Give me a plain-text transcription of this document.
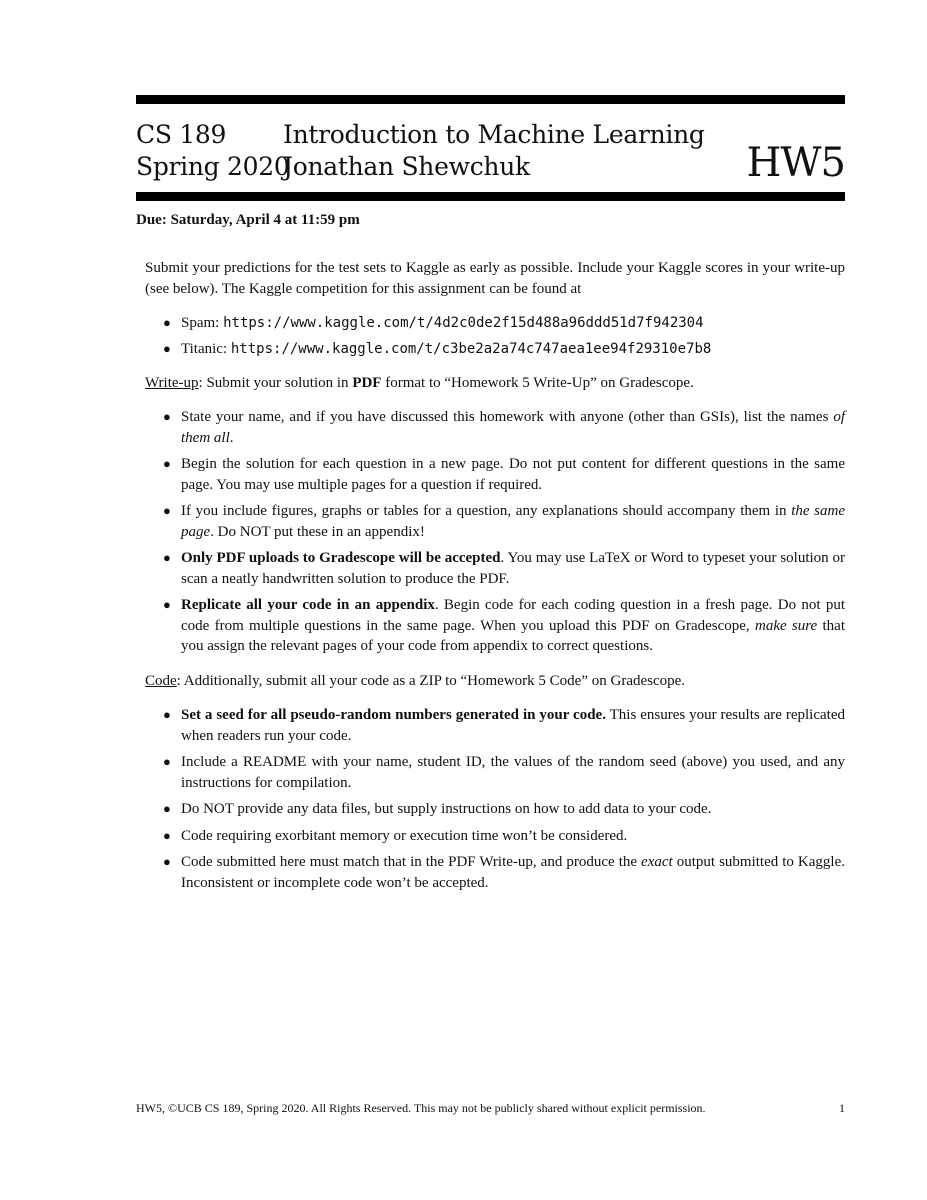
CS 189
Spring 2020
Introduction to Machine Learning
Jonathan Shewchuk	HW5
Due: Saturday, April 4 at 11:59 pm
Submit your predictions for the test sets to Kaggle as early as possible. Include your Kaggle scores in your write-up (see below). The Kaggle competition for this assignment can be found at
● Spam: https://www.kaggle.com/t/4d2c0de2f15d488a96ddd51d7f942304
● Titanic: https://www.kaggle.com/t/c3be2a2a74c747aea1ee94f29310e7b8
Write-up: Submit your solution in PDF format to “Homework 5 Write-Up” on Gradescope.
● State your name, and if you have discussed this homework with anyone (other than GSIs), list the names of them all.
● Begin the solution for each question in a new page. Do not put content for different questions in the same page. You may use multiple pages for a question if required.
● If you include figures, graphs or tables for a question, any explanations should accompany them in the same page. Do NOT put these in an appendix!
● Only PDF uploads to Gradescope will be accepted. You may use LaTeX or Word to typeset your solution or scan a neatly handwritten solution to produce the PDF.
● Replicate all your code in an appendix. Begin code for each coding question in a fresh page. Do not put code from multiple questions in the same page. When you upload this PDF on Gradescope, make sure that you assign the relevant pages of your code from appendix to correct questions.
Code: Additionally, submit all your code as a ZIP to “Homework 5 Code” on Gradescope.
● Set a seed for all pseudo-random numbers generated in your code. This ensures your results are replicated when readers run your code.
● Include a README with your name, student ID, the values of the random seed (above) you used, and any instructions for compilation.
● Do NOT provide any data files, but supply instructions on how to add data to your code.
● Code requiring exorbitant memory or execution time won’t be considered.
● Code submitted here must match that in the PDF Write-up, and produce the exact output submitted to Kaggle. Inconsistent or incomplete code won’t be accepted.
HW5, ©UCB CS 189, Spring 2020. All Rights Reserved. This may not be publicly shared without explicit permission.	1
